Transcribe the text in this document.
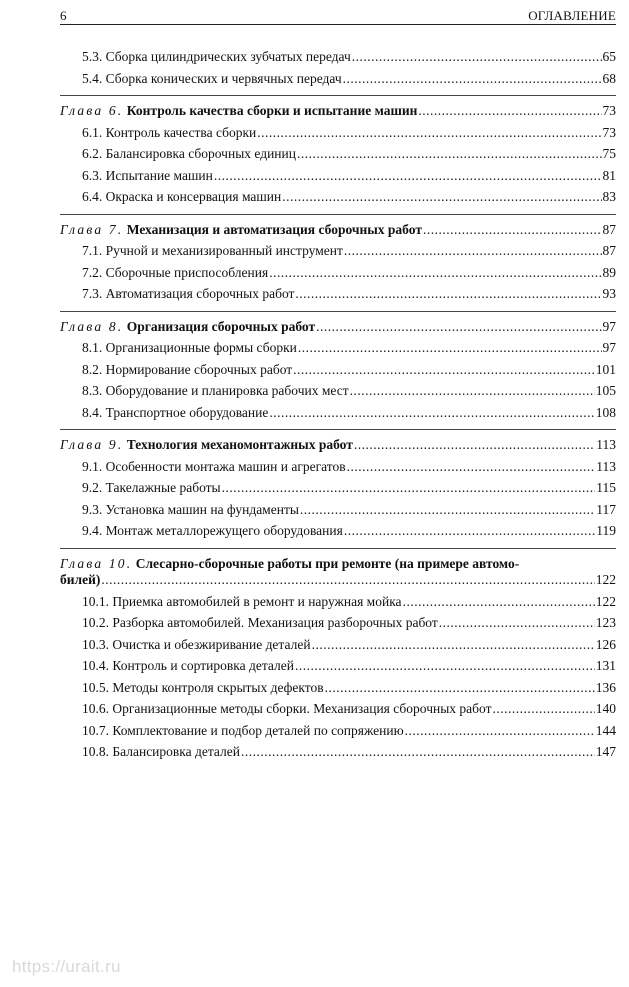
6	ОГЛАВЛЕНИЕ
5.3. Сборка цилиндрических зубчатых передач .....	65
5.4. Сборка конических и червячных передач .....	68
Глава 6. Контроль качества сборки и испытание машин .....	73
6.1. Контроль качества сборки .....	73
6.2. Балансировка сборочных единиц .....	75
6.3. Испытание машин .....	81
6.4. Окраска и консервация машин .....	83
Глава 7. Механизация и автоматизация сборочных работ .....	87
7.1. Ручной и механизированный инструмент .....	87
7.2. Сборочные приспособления .....	89
7.3. Автоматизация сборочных работ .....	93
Глава 8. Организация сборочных работ .....	97
8.1. Организационные формы сборки .....	97
8.2. Нормирование сборочных работ .....	101
8.3. Оборудование и планировка рабочих мест .....	105
8.4. Транспортное оборудование .....	108
Глава 9. Технология механомонтажных работ .....	113
9.1. Особенности монтажа машин и агрегатов .....	113
9.2. Такелажные работы .....	115
9.3. Установка машин на фундаменты .....	117
9.4. Монтаж металлорежущего оборудования .....	119
Глава 10. Слесарно-сборочные работы при ремонте (на примере автомо-
билей) .....	122
10.1. Приемка автомобилей в ремонт и наружная мойка .....	122
10.2. Разборка автомобилей. Механизация разборочных работ .....	123
10.3. Очистка и обезжиривание деталей .....	126
10.4. Контроль и сортировка деталей .....	131
10.5. Методы контроля скрытых дефектов .....	136
10.6. Организационные методы сборки. Механизация сборочных работ .....	140
10.7. Комплектование и подбор деталей по сопряжению .....	144
10.8. Балансировка деталей .....	147
https://urait.ru
